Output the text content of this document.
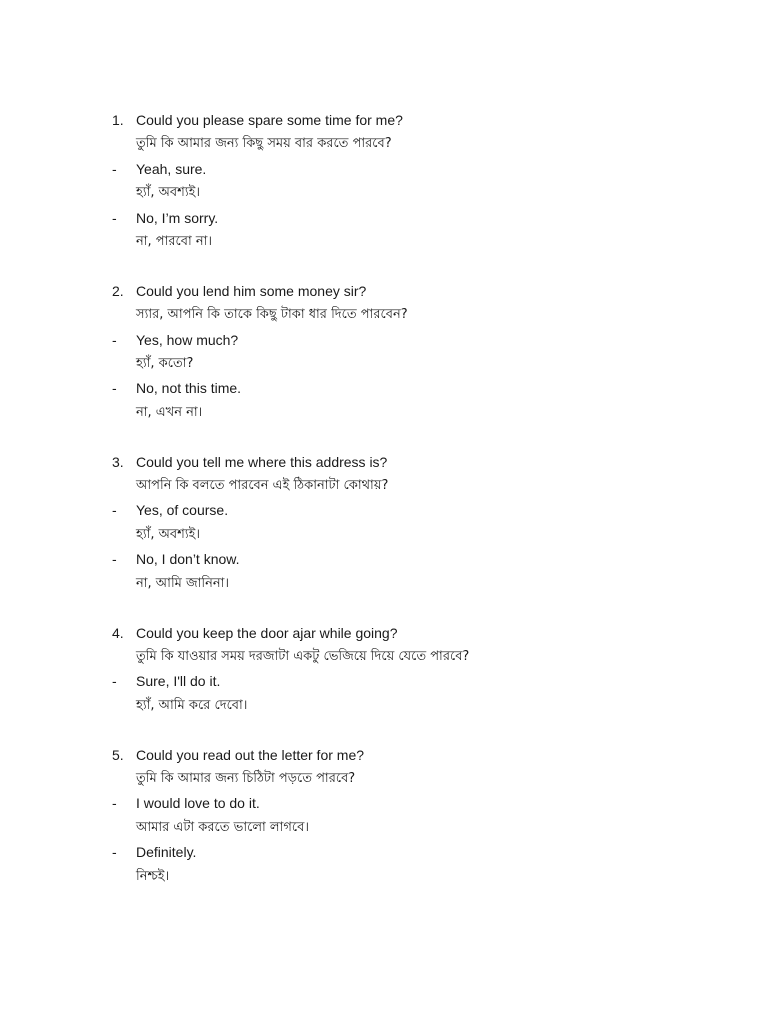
1. Could you please spare some time for me?
তুমি কি আমার জন্য কিছু সময় বার করতে পারবে?
- Yeah, sure.
হ্যাঁ, অবশ্যই।
- No, I’m sorry.
না, পারবো না।
2. Could you lend him some money sir?
স্যার, আপনি কি তাকে কিছু টাকা ধার দিতে পারবেন?
- Yes, how much?
হ্যাঁ, কতো?
- No, not this time.
না, এখন না।
3. Could you tell me where this address is?
আপনি কি বলতে পারবেন এই ঠিকানাটা কোথায়?
- Yes, of course.
হ্যাঁ, অবশ্যই।
- No, I don’t know.
না, আমি জানিনা।
4. Could you keep the door ajar while going?
তুমি কি যাওয়ার সময় দরজাটা একটু ভেজিয়ে দিয়ে যেতে পারবে?
- Sure, I'll do it.
হ্যাঁ, আমি করে দেবো।
5. Could you read out the letter for me?
তুমি কি আমার জন্য চিঠিটা পড়তে পারবে?
- I would love to do it.
আমার এটা করতে ভালো লাগবে।
- Definitely.
নিশ্চই।
